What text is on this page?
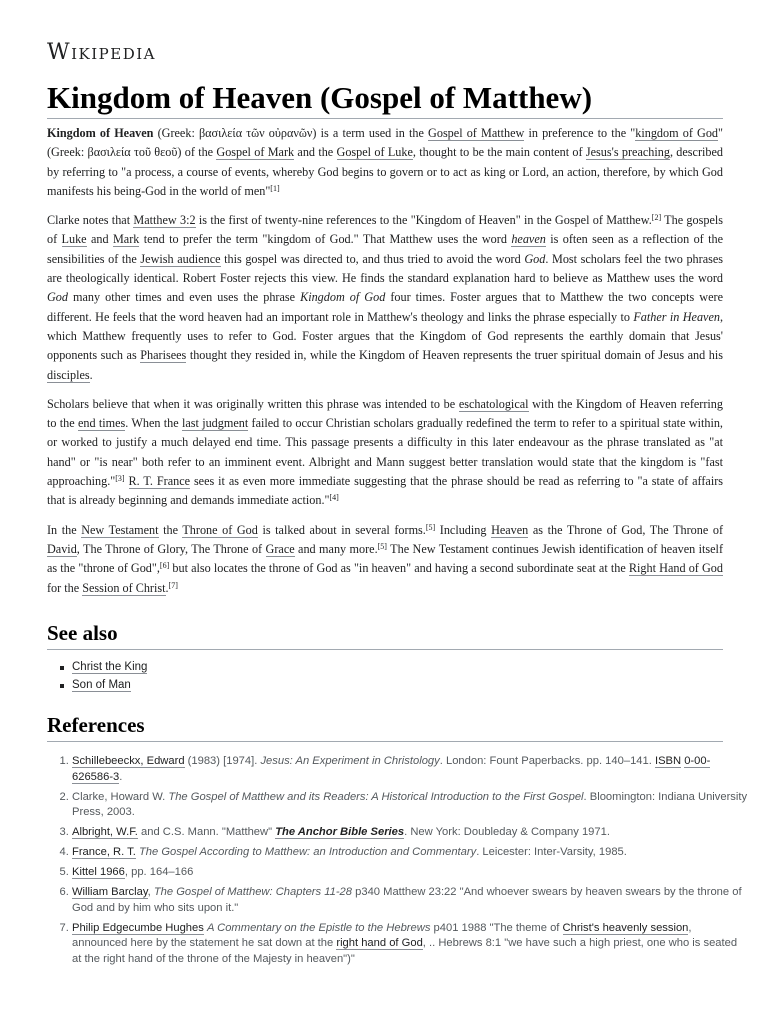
Wikipedia
Kingdom of Heaven (Gospel of Matthew)

Kingdom of Heaven (Greek: βασιλεία τῶν οὐρανῶν) is a term used in the Gospel of Matthew in preference to the "kingdom of God" (Greek: βασιλεία τοῦ θεοῦ) of the Gospel of Mark and the Gospel of Luke, thought to be the main content of Jesus's preaching, described by referring to "a process, a course of events, whereby God begins to govern or to act as king or Lord, an action, therefore, by which God manifests his being-God in the world of men"[1]

Clarke notes that Matthew 3:2 is the first of twenty-nine references to the "Kingdom of Heaven" in the Gospel of Matthew.[2] The gospels of Luke and Mark tend to prefer the term "kingdom of God." That Matthew uses the word heaven is often seen as a reflection of the sensibilities of the Jewish audience this gospel was directed to, and thus tried to avoid the word God. Most scholars feel the two phrases are theologically identical. Robert Foster rejects this view. He finds the standard explanation hard to believe as Matthew uses the word God many other times and even uses the phrase Kingdom of God four times. Foster argues that to Matthew the two concepts were different. He feels that the word heaven had an important role in Matthew's theology and links the phrase especially to Father in Heaven, which Matthew frequently uses to refer to God. Foster argues that the Kingdom of God represents the earthly domain that Jesus' opponents such as Pharisees thought they resided in, while the Kingdom of Heaven represents the truer spiritual domain of Jesus and his disciples.

Scholars believe that when it was originally written this phrase was intended to be eschatological with the Kingdom of Heaven referring to the end times. When the last judgment failed to occur Christian scholars gradually redefined the term to refer to a spiritual state within, or worked to justify a much delayed end time. This passage presents a difficulty in this later endeavour as the phrase translated as "at hand" or "is near" both refer to an imminent event. Albright and Mann suggest better translation would state that the kingdom is "fast approaching."[3] R. T. France sees it as even more immediate suggesting that the phrase should be read as referring to "a state of affairs that is already beginning and demands immediate action."[4]

In the New Testament the Throne of God is talked about in several forms.[5] Including Heaven as the Throne of God, The Throne of David, The Throne of Glory, The Throne of Grace and many more.[5] The New Testament continues Jewish identification of heaven itself as the "throne of God",[6] but also locates the throne of God as "in heaven" and having a second subordinate seat at the Right Hand of God for the Session of Christ.[7]

See also
Christ the King
Son of Man
References
1. Schillebeeckx, Edward (1983) [1974]. Jesus: An Experiment in Christology. London: Fount Paperbacks. pp. 140–141. ISBN 0-00-626586-3.
2. Clarke, Howard W. The Gospel of Matthew and its Readers: A Historical Introduction to the First Gospel. Bloomington: Indiana University Press, 2003.
3. Albright, W.F. and C.S. Mann. "Matthew" The Anchor Bible Series. New York: Doubleday & Company 1971.
4. France, R. T. The Gospel According to Matthew: an Introduction and Commentary. Leicester: Inter-Varsity, 1985.
5. Kittel 1966, pp. 164–166
6. William Barclay, The Gospel of Matthew: Chapters 11-28 p340 Matthew 23:22 "And whoever swears by heaven swears by the throne of God and by him who sits upon it."
7. Philip Edgecumbe Hughes A Commentary on the Epistle to the Hebrews p401 1988 "The theme of Christ's heavenly session, announced here by the statement he sat down at the right hand of God, .. Hebrews 8:1 "we have such a high priest, one who is seated at the right hand of the throne of the Majesty in heaven")"
